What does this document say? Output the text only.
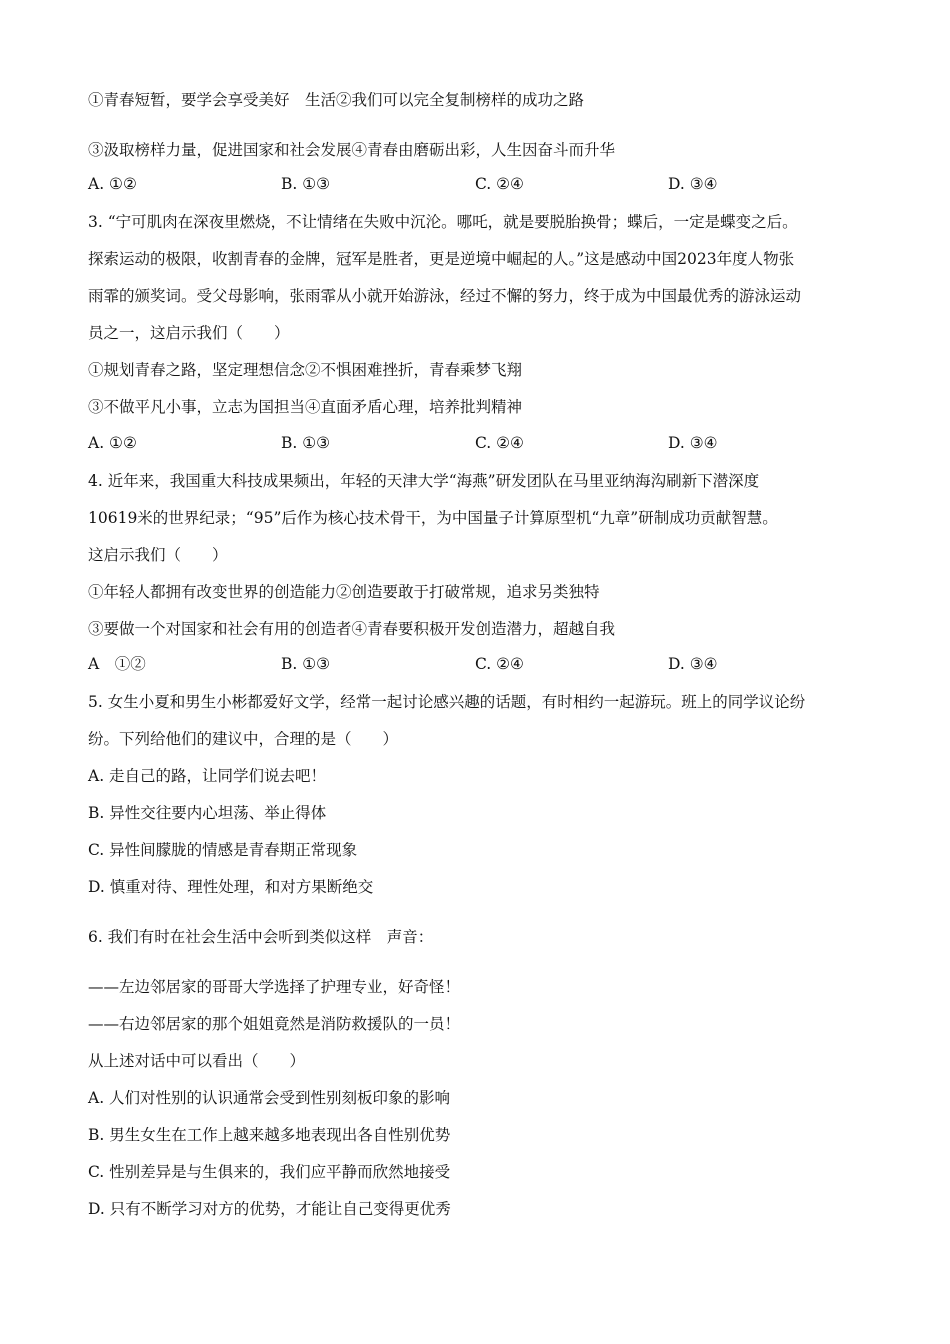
①青春短暂，要学会享受美好　生活②我们可以完全复制榜样的成功之路
③汲取榜样力量，促进国家和社会发展④青春由磨砺出彩，人生因奋斗而升华
A. ①②	B. ①③	C. ②④	D. ③④
3. “宁可肌肉在深夜里燃烧，不让情绪在失败中沉沦。哪吒，就是要脱胎换骨；蝶后，一定是蝶变之后。
探索运动的极限，收割青春的金牌，冠军是胜者，更是逆境中崛起的人。”这是感动中国2023年度人物张
雨霏的颁奖词。受父母影响，张雨霏从小就开始游泳，经过不懈的努力，终于成为中国最优秀的游泳运动
员之一，这启示我们（　　）
①规划青春之路，坚定理想信念②不惧困难挫折，青春乘梦飞翔
③不做平凡小事，立志为国担当④直面矛盾心理，培养批判精神
A. ①②	B. ①③	C. ②④	D. ③④
4. 近年来，我国重大科技成果频出，年轻的天津大学“海燕”研发团队在马里亚纳海沟刷新下潜深度
10619米的世界纪录；“95”后作为核心技术骨干，为中国量子计算原型机“九章”研制成功贡献智慧。
这启示我们（　　）
①年轻人都拥有改变世界的创造能力②创造要敢于打破常规，追求另类独特
③要做一个对国家和社会有用的创造者④青春要积极开发创造潜力，超越自我
A　①②	B. ①③	C. ②④	D. ③④
5. 女生小夏和男生小彬都爱好文学，经常一起讨论感兴趣的话题，有时相约一起游玩。班上的同学议论纷
纷。下列给他们的建议中，合理的是（　　）
A. 走自己的路，让同学们说去吧！
B. 异性交往要内心坦荡、举止得体
C. 异性间朦胧的情感是青春期正常现象
D. 慎重对待、理性处理，和对方果断绝交
6. 我们有时在社会生活中会听到类似这样　声音：
——左边邻居家的哥哥大学选择了护理专业，好奇怪！
——右边邻居家的那个姐姐竟然是消防救援队的一员！
从上述对话中可以看出（　　）
A. 人们对性别的认识通常会受到性别刻板印象的影响
B. 男生女生在工作上越来越多地表现出各自性别优势
C. 性别差异是与生俱来的，我们应平静而欣然地接受
D. 只有不断学习对方的优势，才能让自己变得更优秀
